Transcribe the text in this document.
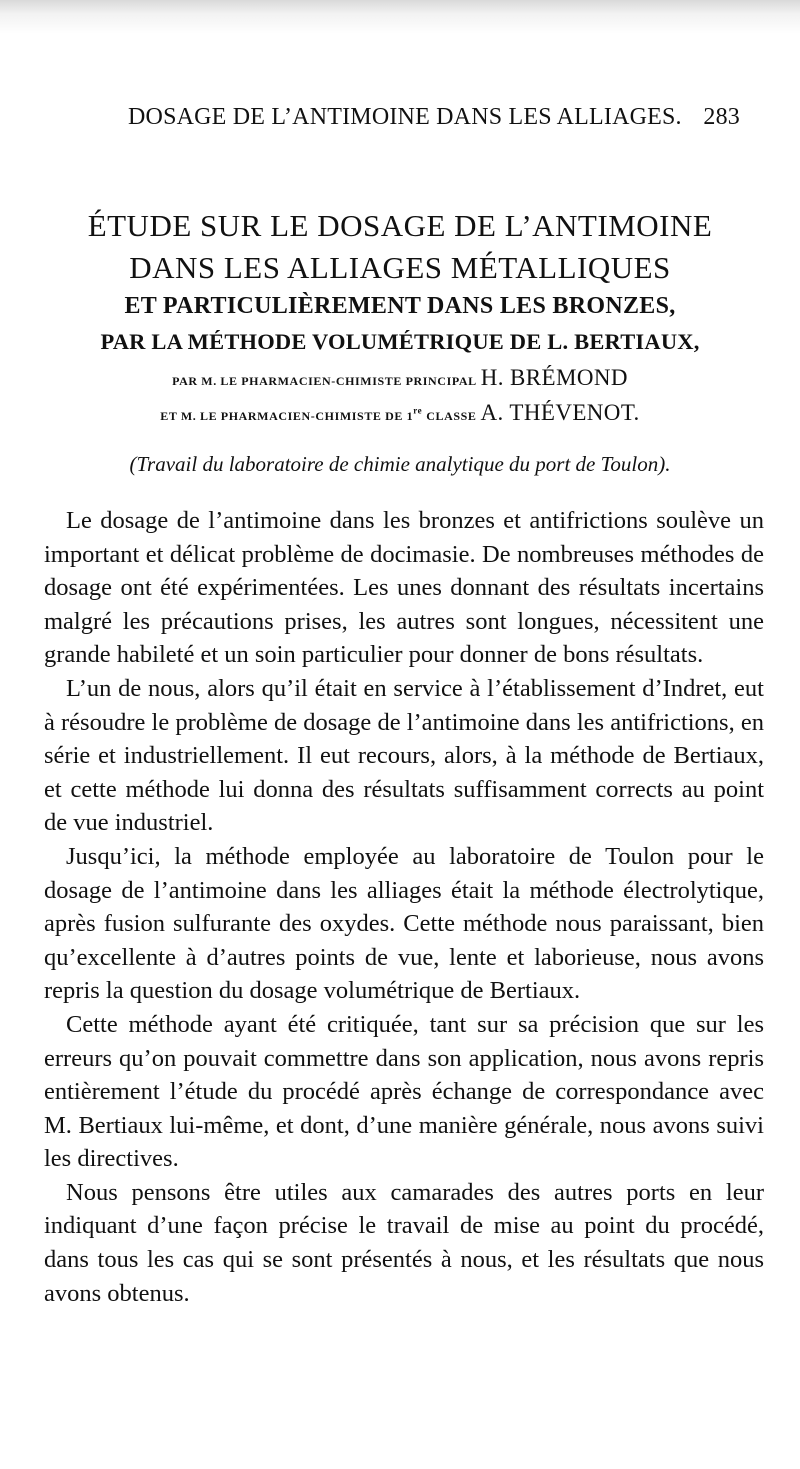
DOSAGE DE L’ANTIMOINE DANS LES ALLIAGES. 283
ÉTUDE SUR LE DOSAGE DE L’ANTIMOINE
DANS LES ALLIAGES MÉTALLIQUES
ET PARTICULIÈREMENT DANS LES BRONZES,
PAR LA MÉTHODE VOLUMÉTRIQUE DE L. BERTIAUX,
PAR M. LE PHARMACIEN-CHIMISTE PRINCIPAL H. BRÉMOND
ET M. LE PHARMACIEN-CHIMISTE DE 1re CLASSE A. THÉVENOT.
(Travail du laboratoire de chimie analytique du port de Toulon).

Le dosage de l’antimoine dans les bronzes et antifrictions soulève un important et délicat problème de docimasie. De nombreuses méthodes de dosage ont été expérimentées. Les unes donnant des résultats incertains malgré les précautions prises, les autres sont longues, nécessitent une grande habileté et un soin particulier pour donner de bons résultats.

L’un de nous, alors qu’il était en service à l’établissement d’Indret, eut à résoudre le problème de dosage de l’antimoine dans les antifrictions, en série et industriellement. Il eut recours, alors, à la méthode de Bertiaux, et cette méthode lui donna des résultats suffisamment corrects au point de vue industriel.

Jusqu’ici, la méthode employée au laboratoire de Toulon pour le dosage de l’antimoine dans les alliages était la méthode électrolytique, après fusion sulfurante des oxydes. Cette méthode nous paraissant, bien qu’excellente à d’autres points de vue, lente et laborieuse, nous avons repris la question du dosage volumétrique de Bertiaux.

Cette méthode ayant été critiquée, tant sur sa précision que sur les erreurs qu’on pouvait commettre dans son application, nous avons repris entièrement l’étude du procédé après échange de correspondance avec M. Bertiaux lui-même, et dont, d’une manière générale, nous avons suivi les directives.

Nous pensons être utiles aux camarades des autres ports en leur indiquant d’une façon précise le travail de mise au point du procédé, dans tous les cas qui se sont présentés à nous, et les résultats que nous avons obtenus.
